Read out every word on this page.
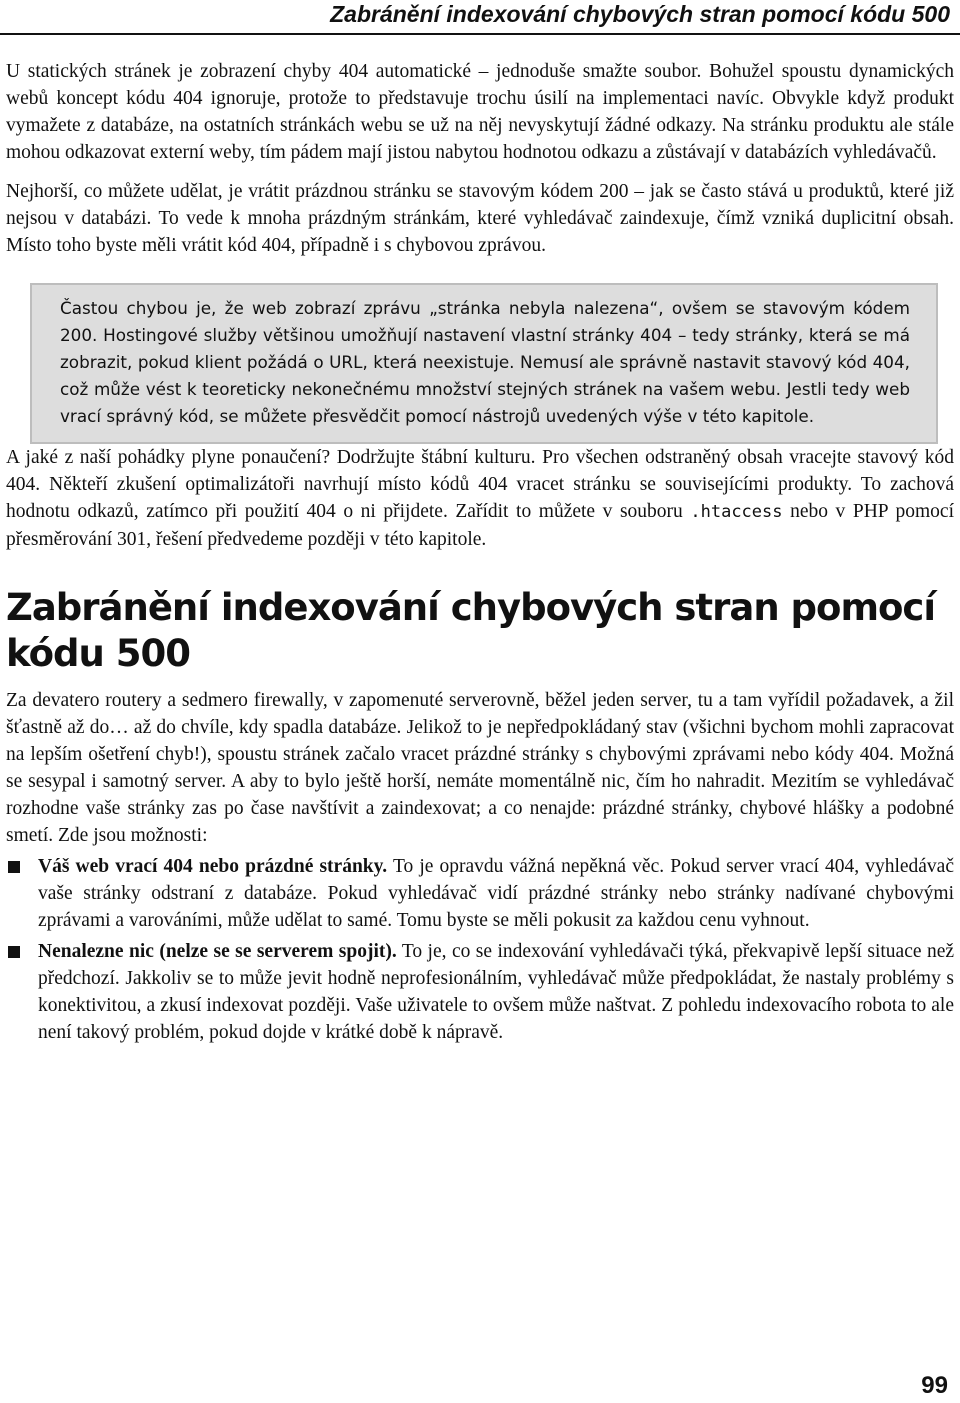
Zabránění indexování chybových stran pomocí kódu 500

U statických stránek je zobrazení chyby 404 automatické – jednoduše smažte soubor. Bohužel spoustu dynamických webů koncept kódu 404 ignoruje, protože to představuje trochu úsilí na implementaci navíc. Obvykle když produkt vymažete z databáze, na ostatních stránkách webu se už na něj nevyskytují žádné odkazy. Na stránku produktu ale stále mohou odkazovat externí weby, tím pádem mají jistou nabytou hodnotou odkazu a zůstávají v databázích vyhledávačů.

Nejhorší, co můžete udělat, je vrátit prázdnou stránku se stavovým kódem 200 – jak se často stává u produktů, které již nejsou v databázi. To vede k mnoha prázdným stránkám, které vyhledávač zaindexuje, čímž vzniká duplicitní obsah. Místo toho byste měli vrátit kód 404, případně i s chybovou zprávou.

Častou chybou je, že web zobrazí zprávu „stránka nebyla nalezena“, ovšem se stavovým kódem 200. Hostingové služby většinou umožňují nastavení vlastní stránky 404 – tedy stránky, která se má zobrazit, pokud klient požádá o URL, která neexistuje. Nemusí ale správně nastavit stavový kód 404, což může vést k teoreticky nekonečnému množství stejných stránek na vašem webu. Jestli tedy web vrací správný kód, se můžete přesvědčit pomocí nástrojů uvedených výše v této kapitole.

A jaké z naší pohádky plyne ponaučení? Dodržujte štábní kulturu. Pro všechen odstraněný obsah vracejte stavový kód 404. Někteří zkušení optimalizátoři navrhují místo kódů 404 vracet stránku se souvisejícími produkty. To zachová hodnotu odkazů, zatímco při použití 404 o ni přijdete. Zařídit to můžete v souboru .htaccess nebo v PHP pomocí přesměrování 301, řešení předvedeme později v této kapitole.

Zabránění indexování chybových stran pomocí kódu 500

Za devatero routery a sedmero firewally, v zapomenuté serverovně, běžel jeden server, tu a tam vyřídil požadavek, a žil šťastně až do… až do chvíle, kdy spadla databáze. Jelikož to je nepředpokládaný stav (všichni bychom mohli zapracovat na lepším ošetření chyb!), spoustu stránek začalo vracet prázdné stránky s chybovými zprávami nebo kódy 404. Možná se sesypal i samotný server. A aby to bylo ještě horší, nemáte momentálně nic, čím ho nahradit. Mezitím se vyhledávač rozhodne vaše stránky zas po čase navštívit a zaindexovat; a co nenajde: prázdné stránky, chybové hlášky a podobné smetí. Zde jsou možnosti:

Váš web vrací 404 nebo prázdné stránky. To je opravdu vážná nepěkná věc. Pokud server vrací 404, vyhledávač vaše stránky odstraní z databáze. Pokud vyhledávač vidí prázdné stránky nebo stránky nadívané chybovými zprávami a varováními, může udělat to samé. Tomu byste se měli pokusit za každou cenu vyhnout.
Nenalezne nic (nelze se se serverem spojit). To je, co se indexování vyhledávači týká, překvapivě lepší situace než předchozí. Jakkoliv se to může jevit hodně neprofesionálním, vyhledávač může předpokládat, že nastaly problémy s konektivitou, a zkusí indexovat později. Vaše uživatele to ovšem může naštvat. Z pohledu indexovacího robota to ale není takový problém, pokud dojde v krátké době k nápravě.
99
